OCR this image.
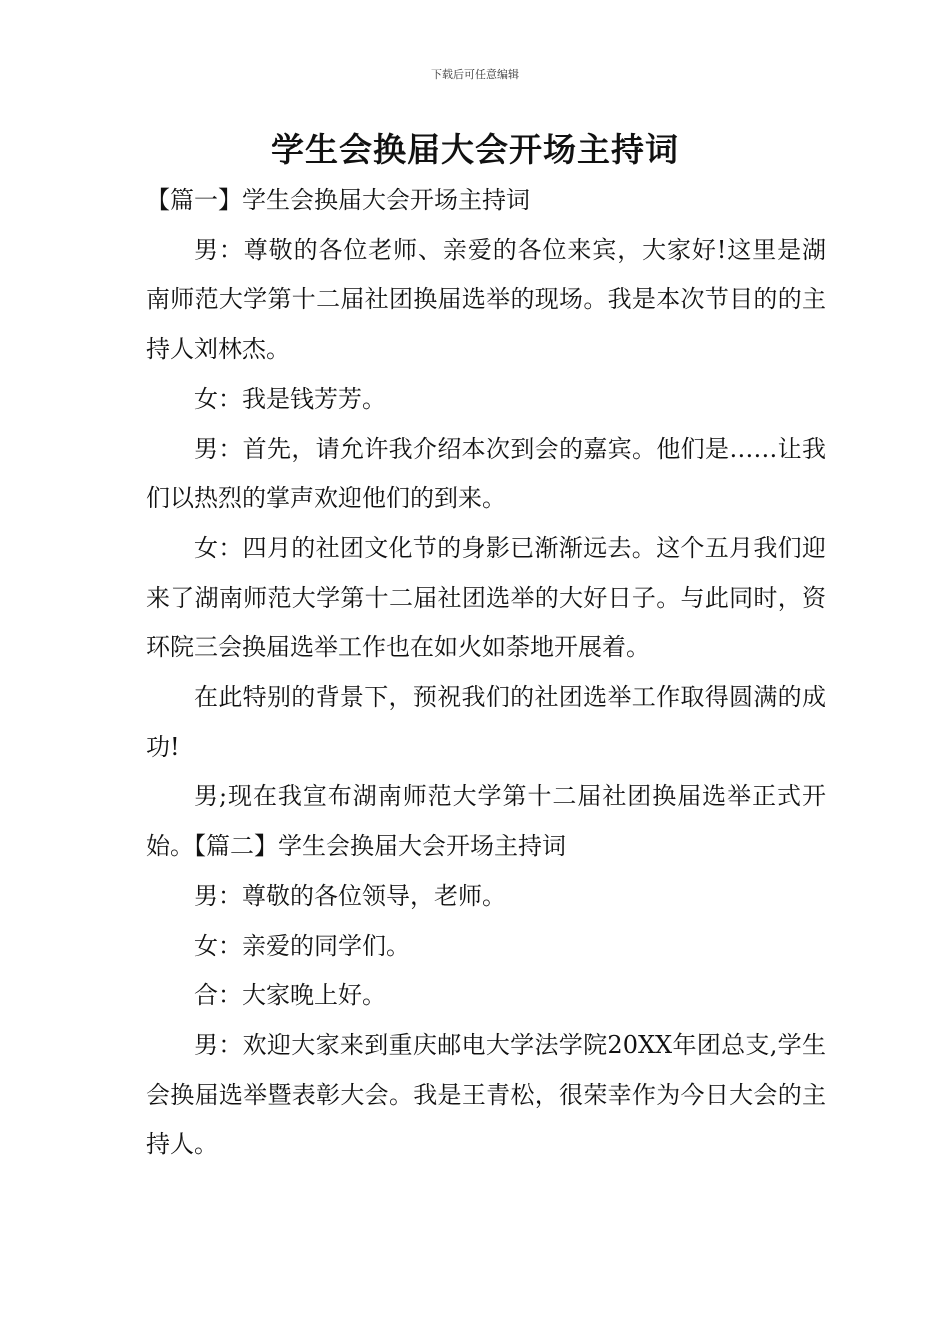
下载后可任意编辑
学生会换届大会开场主持词

【篇一】学生会换届大会开场主持词

男：尊敬的各位老师、亲爱的各位来宾，大家好!这里是湖南师范大学第十二届社团换届选举的现场。我是本次节目的的主持人刘林杰。

女：我是钱芳芳。

男：首先，请允许我介绍本次到会的嘉宾。他们是……让我们以热烈的掌声欢迎他们的到来。

女：四月的社团文化节的身影已渐渐远去。这个五月我们迎来了湖南师范大学第十二届社团选举的大好日子。与此同时，资环院三会换届选举工作也在如火如荼地开展着。

在此特别的背景下，预祝我们的社团选举工作取得圆满的成功!

男;现在我宣布湖南师范大学第十二届社团换届选举正式开始。【篇二】学生会换届大会开场主持词

男：尊敬的各位领导，老师。

女：亲爱的同学们。

合：大家晚上好。

男：欢迎大家来到重庆邮电大学法学院20XX年团总支,学生会换届选举暨表彰大会。我是王青松，很荣幸作为今日大会的主持人。
